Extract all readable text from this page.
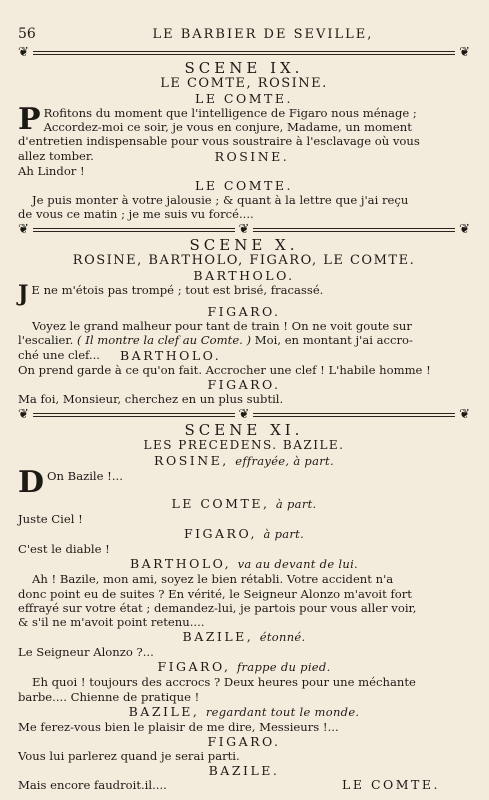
56	LE BARBIER DE SEVILLE,
❦	❦
SCENE IX.
LE COMTE, ROSINE.
LE COMTE.
P Rofitons du moment que l'intelligence de Figaro nous ménage ;
Accordez-moi ce soir, je vous en conjure, Madame, un moment
d'entretien indispensable pour vous soustraire à l'esclavage où vous
allez tomber.	ROSINE.
Ah Lindor !
LE COMTE.
Je puis monter à votre jalousie ; & quant à la lettre que j'ai reçu
de vous ce matin ; je me suis vu forcé....
❦	❦	❦
SCENE X.
ROSINE, BARTHOLO, FIGARO, LE COMTE.
BARTHOLO.
J E ne m'étois pas trompé ; tout est brisé, fracassé.
FIGARO.
Voyez le grand malheur pour tant de train ! On ne voit goute sur
l'escalier. ( Il montre la clef au Comte. ) Moi, en montant j'ai accro-
ché une clef... BARTHOLO.
On prend garde à ce qu'on fait. Accrocher une clef ! L'habile homme !
FIGARO.
Ma foi, Monsieur, cherchez en un plus subtil.
❦	❦	❦
SCENE XI.
LES PRECEDENS. BAZILE.
ROSINE, effrayée, à part.
D On Bazile !...
LE COMTE, à part.
Juste Ciel !
FIGARO, à part.
C'est le diable !
BARTHOLO, va au devant de lui.
Ah ! Bazile, mon ami, soyez le bien rétabli. Votre accident n'a
donc point eu de suites ? En vérité, le Seigneur Alonzo m'avoit fort
effrayé sur votre état ; demandez-lui, je partois pour vous aller voir,
& s'il ne m'avoit point retenu....
BAZILE, étonné.
Le Seigneur Alonzo ?...
FIGARO, frappe du pied.
Eh quoi ! toujours des accrocs ? Deux heures pour une méchante
barbe.... Chienne de pratique !
BAZILE, regardant tout le monde.
Me ferez-vous bien le plaisir de me dire, Messieurs !...
FIGARO.
Vous lui parlerez quand je serai parti.
BAZILE.
Mais encore faudroit.il....	LE COMTE.
